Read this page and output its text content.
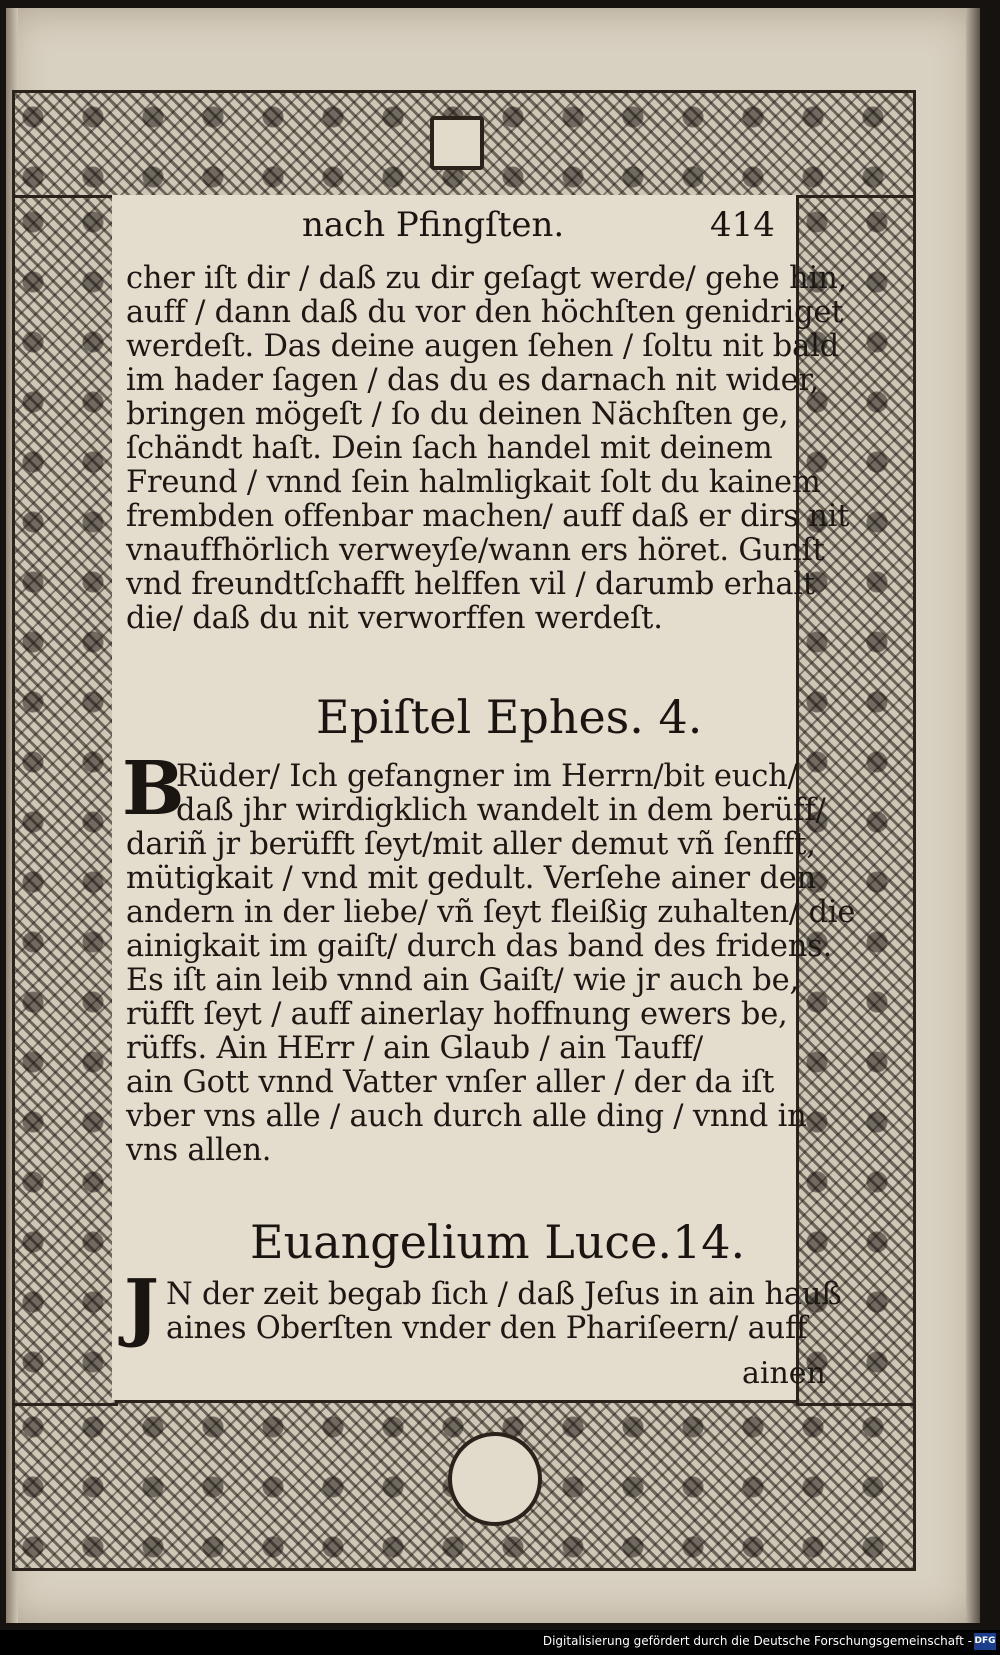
nach Pfingſten.	414
cher iſt dir / daß zu dir geſagt werde/ gehe hin,
auff / dann daß du vor den höchſten genidriget
werdeſt. Das deine augen ſehen / ſoltu nit bald
im hader ſagen / das du es darnach nit wider,
bringen mögeſt / ſo du deinen Nächſten ge,
ſchändt haſt. Dein ſach handel mit deinem
Freund / vnnd ſein halmligkait ſolt du kainem
frembden offenbar machen/ auff daß er dirs nit
vnauffhörlich verweyſe/wann ers höret. Gunſt
vnd freundtſchafft helffen vil / darumb erhalt
die/ daß du nit verworffen werdeſt.
Epiſtel Ephes. 4.
B
Rüder/ Ich gefangner im Herrn/bit euch/
daß jhr wirdigklich wandelt in dem berüff/
dariñ jr berüfft ſeyt/mit aller demut vñ ſenfft,
mütigkait / vnd mit gedult. Verſehe ainer den
andern in der liebe/ vñ ſeyt fleißig zuhalten/ die
ainigkait im gaiſt/ durch das band des fridens.
Es iſt ain leib vnnd ain Gaiſt/ wie jr auch be,
rüfft ſeyt / auff ainerlay hoffnung ewers be,
rüffs. Ain HErr / ain Glaub / ain Tauff/
ain Gott vnnd Vatter vnſer aller / der da iſt
vber vns alle / auch durch alle ding / vnnd in
vns allen.
Euangelium Luce.14.
J N der zeit begab ſich / daß Jeſus in ain hauß
aines Oberſten vnder den Phariſeern/ auff
ainen
Digitalisierung gefördert durch die Deutsche Forschungsgemeinschaft - DFG
